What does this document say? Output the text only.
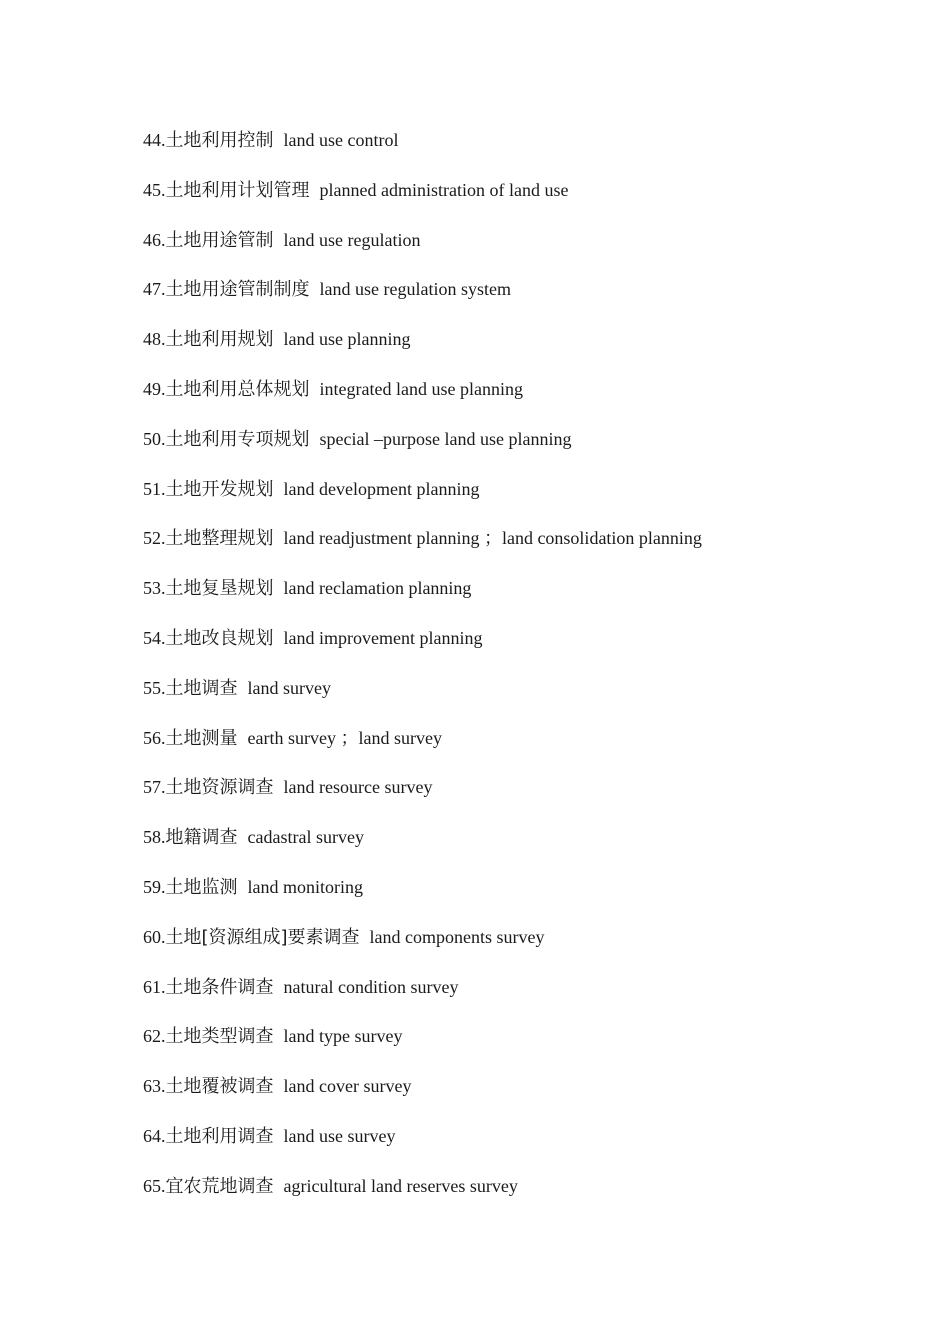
44.土地利用控制 land use control
45.土地利用计划管理 planned administration of land use
46.土地用途管制 land use regulation
47.土地用途管制制度 land use regulation system
48.土地利用规划 land use planning
49.土地利用总体规划 integrated land use planning
50.土地利用专项规划 special –purpose land use planning
51.土地开发规划 land development planning
52.土地整理规划 land readjustment planning ；land consolidation planning
53.土地复垦规划 land reclamation planning
54.土地改良规划 land improvement planning
55.土地调查 land survey
56.土地测量 earth survey ；land survey
57.土地资源调查 land resource survey
58.地籍调查 cadastral survey
59.土地监测 land monitoring
60.土地[资源组成]要素调查 land components survey
61.土地条件调查 natural condition survey
62.土地类型调查 land type survey
63.土地覆被调查 land cover survey
64.土地利用调查 land use survey
65.宜农荒地调查 agricultural land reserves survey
